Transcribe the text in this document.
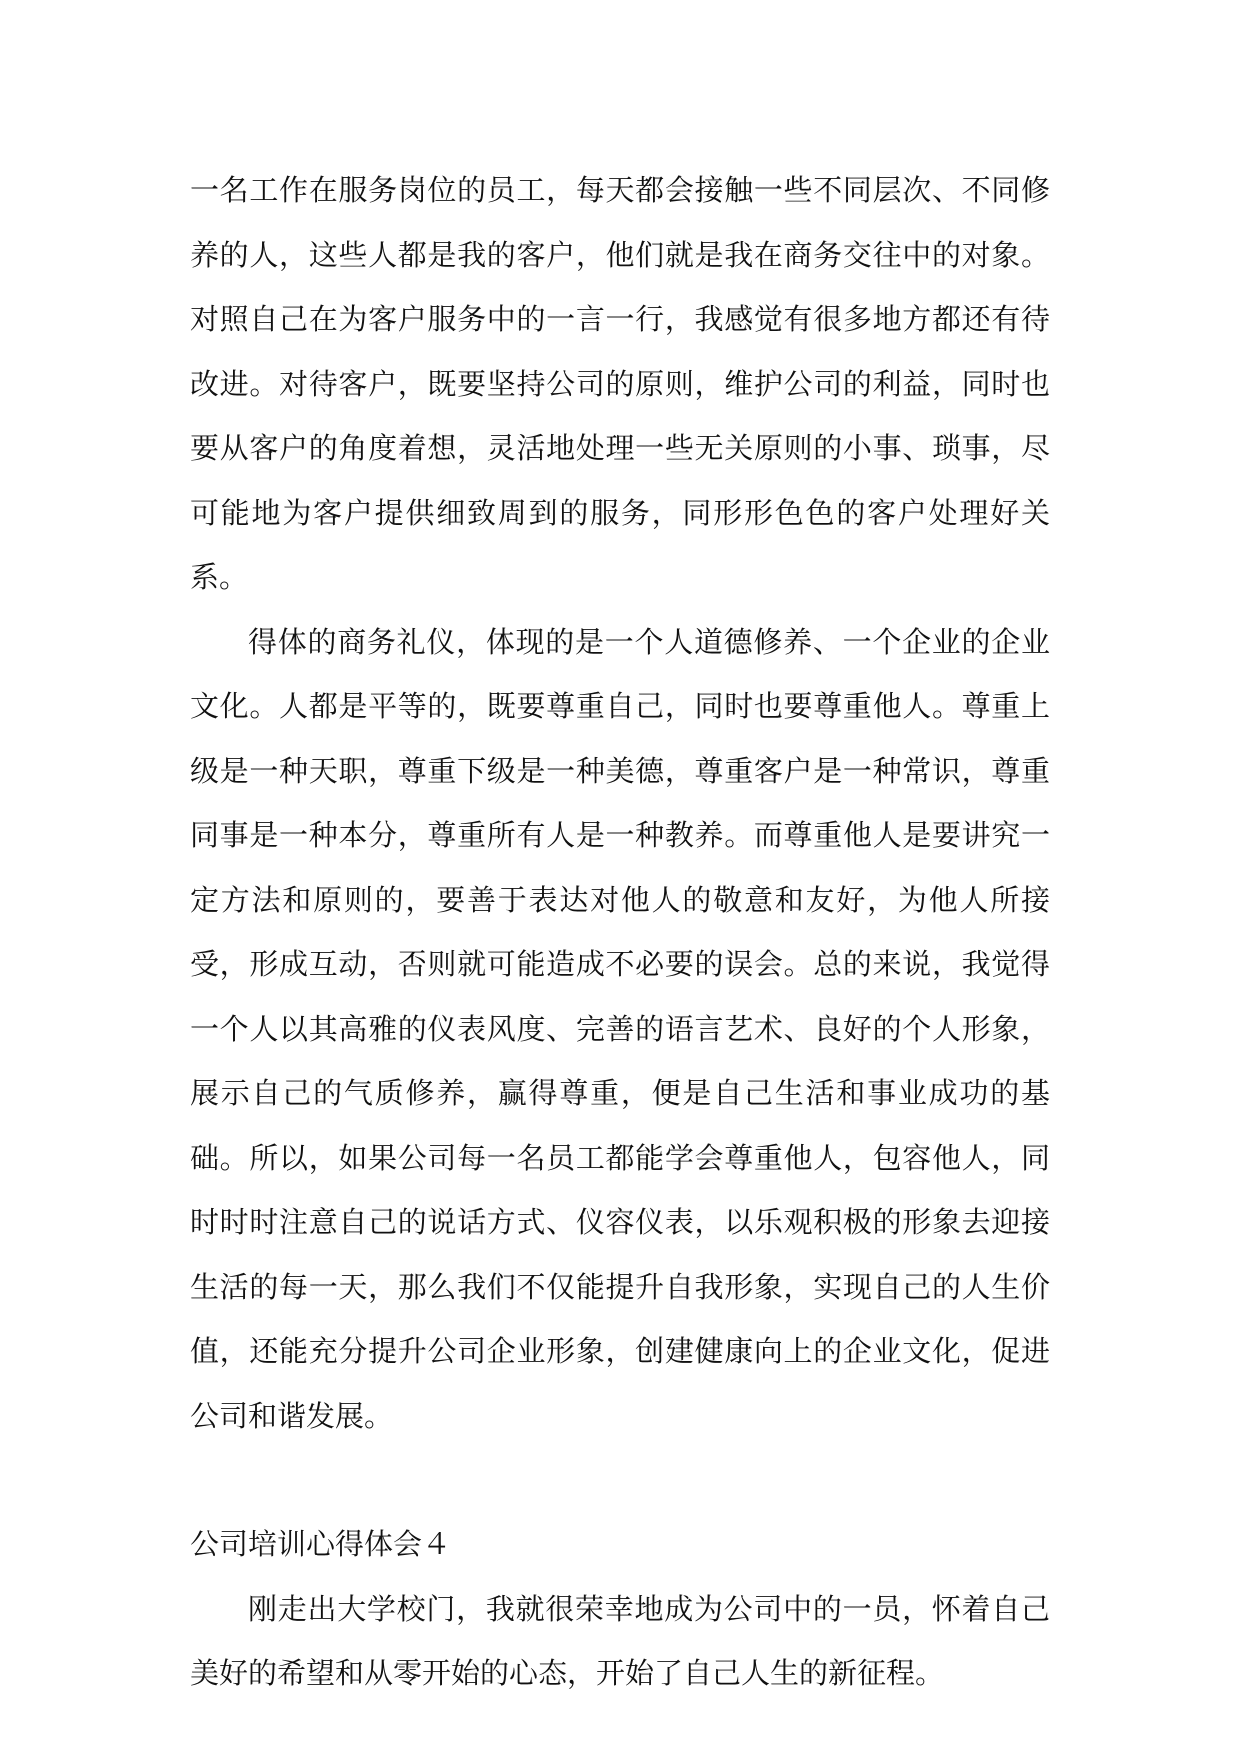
一名工作在服务岗位的员工，每天都会接触一些不同层次、不同修养的人，这些人都是我的客户，他们就是我在商务交往中的对象。对照自己在为客户服务中的一言一行，我感觉有很多地方都还有待改进。对待客户，既要坚持公司的原则，维护公司的利益，同时也要从客户的角度着想，灵活地处理一些无关原则的小事、琐事，尽可能地为客户提供细致周到的服务，同形形色色的客户处理好关系。

得体的商务礼仪，体现的是一个人道德修养、一个企业的企业文化。人都是平等的，既要尊重自己，同时也要尊重他人。尊重上级是一种天职，尊重下级是一种美德，尊重客户是一种常识，尊重同事是一种本分，尊重所有人是一种教养。而尊重他人是要讲究一定方法和原则的，要善于表达对他人的敬意和友好，为他人所接受，形成互动，否则就可能造成不必要的误会。总的来说，我觉得一个人以其高雅的仪表风度、完善的语言艺术、良好的个人形象，展示自己的气质修养，赢得尊重，便是自己生活和事业成功的基础。所以，如果公司每一名员工都能学会尊重他人，包容他人，同时时时注意自己的说话方式、仪容仪表，以乐观积极的形象去迎接生活的每一天，那么我们不仅能提升自我形象，实现自己的人生价值，还能充分提升公司企业形象，创建健康向上的企业文化，促进公司和谐发展。

公司培训心得体会４

刚走出大学校门，我就很荣幸地成为公司中的一员，怀着自己美好的希望和从零开始的心态，开始了自己人生的新征程。
